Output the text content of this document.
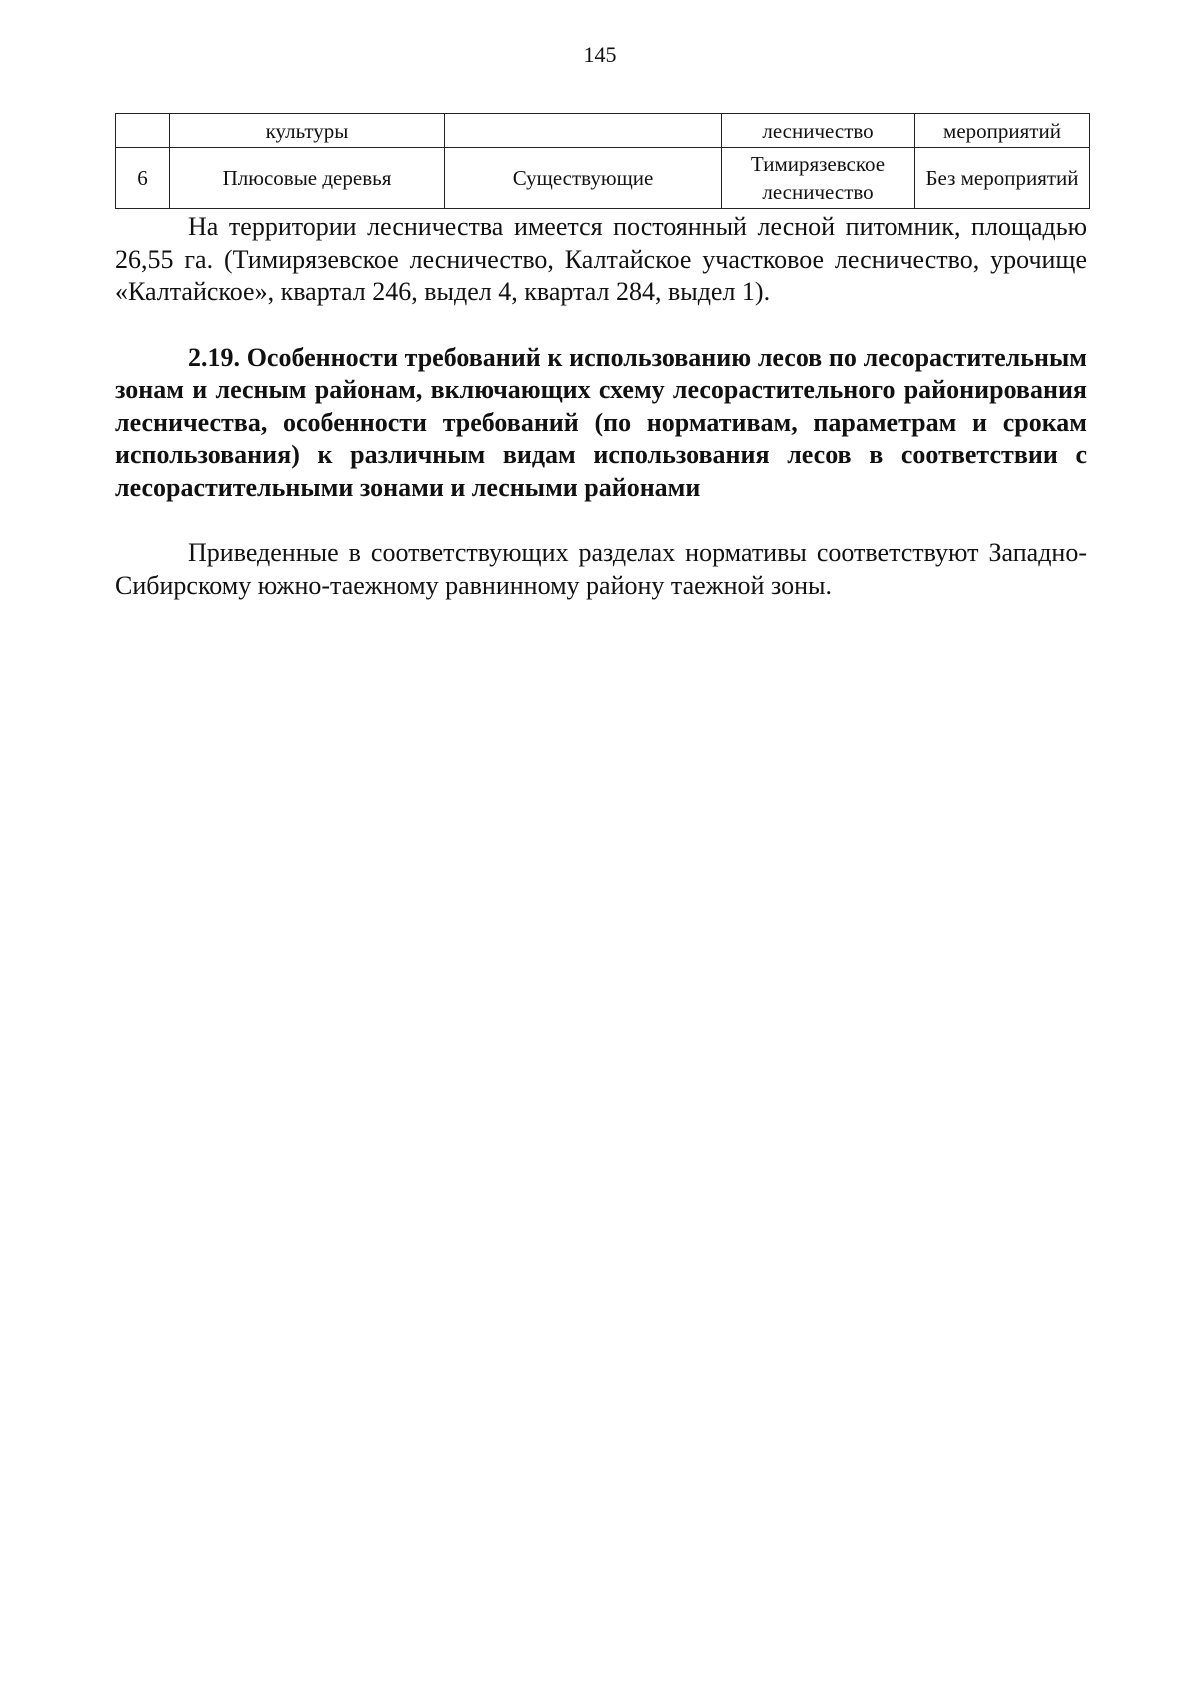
145
	культуры		лесничество	мероприятий
6	Плюсовые деревья	Существующие	Тимирязевское лесничество	Без мероприятий

На территории лесничества имеется постоянный лесной питомник, площадью 26,55 га. (Тимирязевское лесничество, Калтайское участковое лесничество, урочище «Калтайское», квартал 246, выдел 4, квартал 284, выдел 1).

2.19. Особенности требований к использованию лесов по лесорастительным зонам и лесным районам, включающих схему лесорастительного районирования лесничества, особенности требований (по нормативам, параметрам и срокам использования) к различным видам использования лесов в соответствии с лесорастительными зонами и лесными районами

Приведенные в соответствующих разделах нормативы соответствуют Западно-Сибирскому южно-таежному равнинному району таежной зоны.
